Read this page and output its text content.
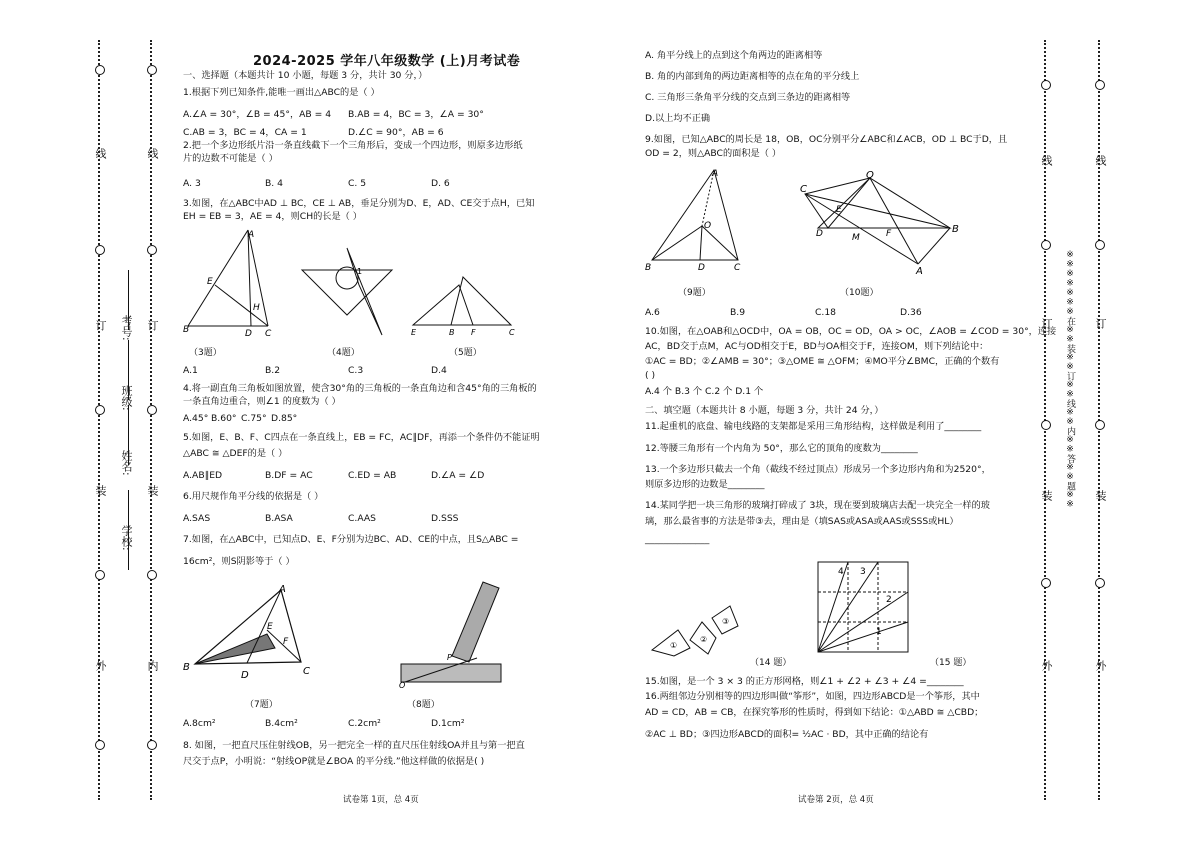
外
装
订
线
内
装
订
线
学校:
姓名:
班级:
考号:
2024-2025 学年八年级数学 (上)月考试卷
一、选择题（本题共计 10 小题，每题 3 分，共计 30 分，）
1.根据下列已知条件,能唯一画出△ABC的是（ ）
A.∠A = 30°，∠B = 45°，AB = 4 B.AB = 4，BC = 3，∠A = 30°
C.AB = 3，BC = 4，CA = 1	D.∠C = 90°，AB = 6
2.把一个多边形纸片沿一条直线截下一个三角形后，变成一个四边形，则原多边形纸
片的边数不可能是（ ）
A. 3	B. 4	C. 5	D. 6
3.如图，在△ABC中AD ⊥ BC，CE ⊥ AB，垂足分别为D、E，AD、CE交于点H，已知
EH = EB = 3，AE = 4，则CH的长是（ ）
B	D C
E
H
A
1
E	B F	C
（3题）	（4题）	（5题）
A.1	B.2	C.3	D.4
4.将一副直角三角板如图放置，使含30°角的三角板的一条直角边和含45°角的三角板的
一条直角边重合，则∠1 的度数为（ ）
A.45° B.60° C.75° D.85°
5.如图，E、B、F、C四点在一条直线上，EB = FC，AC∥DF，再添一个条件仍不能证明
△ABC ≅ △DEF的是（ ）
A.AB∥ED	B.DF = AC	C.ED = AB	D.∠A = ∠D
6.用尺规作角平分线的依据是（ ）
A.SAS	B.ASA	C.AAS	D.SSS
7.如图，在△ABC中，已知点D、E、F分别为边BC、AD、CE的中点，且S△ABC =
16cm²，则S阴影等于（ ）
B
A
C
D
E
F
O
P
（7题）	（8题）
A.8cm²	B.4cm²	C.2cm²	D.1cm²
8. 如图，一把直尺压住射线OB，另一把完全一样的直尺压住射线OA并且与第一把直
尺交于点P，小明说：“射线OP就是∠BOA 的平分线.”他这样做的依据是( )
试卷第 1页，总 4页
A. 角平分线上的点到这个角两边的距离相等
B. 角的内部到角的两边距离相等的点在角的平分线上
C. 三角形三条角平分线的交点到三条边的距离相等
D.以上均不正确
9.如图，已知△ABC的周长是 18，OB，OC分别平分∠ABC和∠ACB，OD ⊥ BC于D，且
OD = 2，则△ABC的面积是（ ）
B	D	C
O
A
C
O
B
D
E
M	F
A
（9题）	（10题）
A.6	B.9	C.18	D.36
10.如图，在△OAB和△OCD中，OA = OB，OC = OD，OA > OC，∠AOB = ∠COD = 30°，连接
AC，BD交于点M，AC与OD相交于E，BD与OA相交于F，连接OM，则下列结论中：
①AC = BD；②∠AMB = 30°；③△OME ≅ △OFM；④MO平分∠BMC，正确的个数有
( )
A.4 个 B.3 个 C.2 个 D.1 个
二、填空题（本题共计 8 小题，每题 3 分，共计 24 分，）
11.起重机的底盘、输电线路的支架都是采用三角形结构，这样做是利用了________
12.等腰三角形有一个内角为 50°，那么它的顶角的度数为________
13.一个多边形只截去一个角（截线不经过顶点）形成另一个多边形内角和为2520°，
则原多边形的边数是________
14.某同学把一块三角形的玻璃打碎成了 3块，现在要到玻璃店去配一块完全一样的玻
璃，那么最省事的方法是带③去，理由是（填SAS或ASA或AAS或SSS或HL）
______________
①
②
③
4 3
2
1
（14 题）	（15 题）
15.如图，是一个 3 × 3 的正方形网格，则∠1 + ∠2 + ∠3 + ∠4 =________
16.两组邻边分别相等的四边形叫做“筝形”，如图，四边形ABCD是一个筝形，其中
AD = CD，AB = CB，在探究筝形的性质时，得到如下结论：①△ABD ≅ △CBD；
②AC ⊥ BD；③四边形ABCD的面积= ½AC · BD，其中正确的结论有
试卷第 2页，总 4页
线
订
装
外
线
订
装
外
※※※※※※※在※※装※※订※※线※※内※※答※※题※※
